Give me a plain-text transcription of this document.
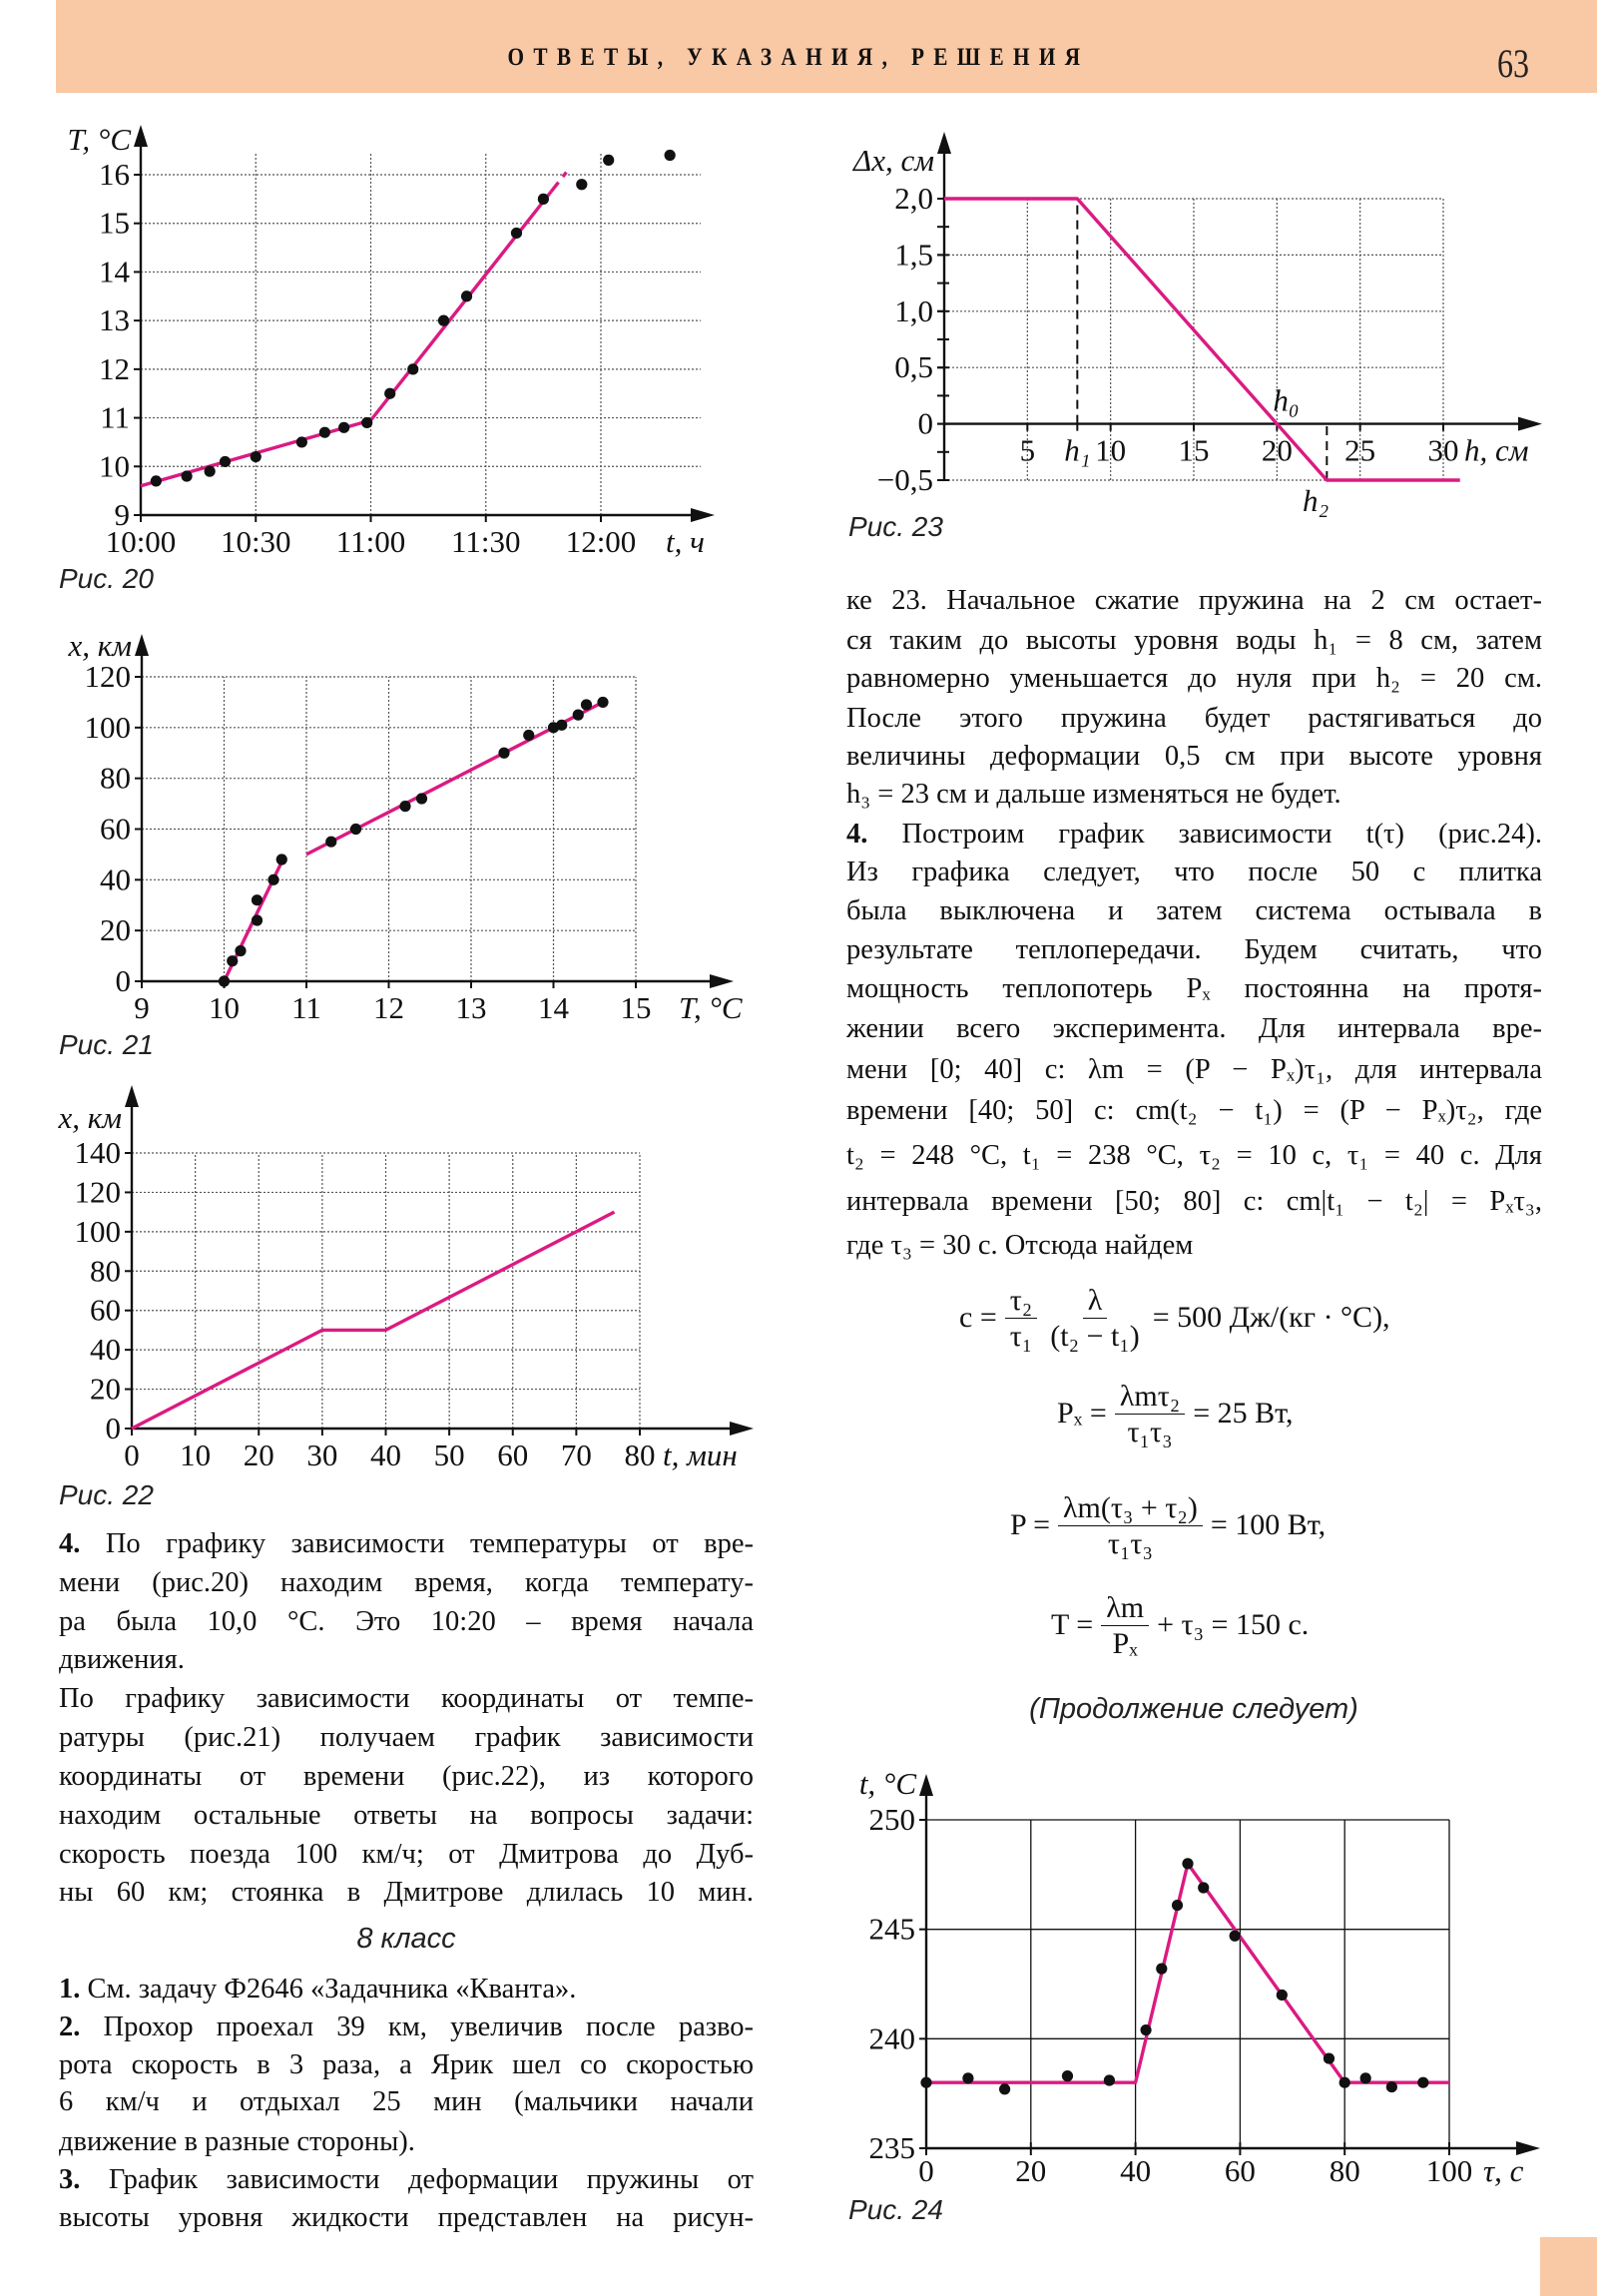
ОТВЕТЫ, УКАЗАНИЯ, РЕШЕНИЯ	63
10:00 10:30 11:00 11:30 12:00
9
10
11
12
13
14
15
16
T, °C
t, ч
9 10 11 12 13 14 15
0
20
40
60
80
100
120
x, км
T, °C
0 10 20 30 40 50 60 70 80
0
20
40
60
80
100
120
140
x, км
t, мин
5 h₁ 10 15 20 25 30
−0,5
0
0,5
1,0
1,5
2,0
Δx, см
h, см
h₀
h₂
0	20 40 60 80 100
235
240
245
250
t, °C
τ, с
Рис. 20
Рис. 21
Рис. 22
Рис. 23
Рис. 24
4. По графику зависимости температуры от вре-
мени (рис.20) находим время, когда температу-
ра была 10,0 °С. Это 10:20 – время начала
движения.
По графику зависимости координаты от темпе-
ратуры (рис.21) получаем график зависимости
координаты от времени (рис.22), из которого
находим остальные ответы на вопросы задачи:
скорость поезда 100 км/ч; от Дмитрова до Дуб-
ны 60 км; стоянка в Дмитрове длилась 10 мин.
8 класс
1. См. задачу Ф2646 «Задачника «Кванта».
2. Прохор проехал 39 км, увеличив после разво-
рота скорость в 3 раза, а Ярик шел со скоростью
6 км/ч и отдыхал 25 мин (мальчики начали
движение в разные стороны).
3. График зависимости деформации пружины от
высоты уровня жидкости представлен на рисун-
ке 23. Начальное сжатие пружина на 2 см остает-
ся таким до высоты уровня воды h₁ = 8 см, затем
равномерно уменьшается до нуля при h₂ = 20 см.
После этого пружина будет растягиваться до
величины деформации 0,5 см при высоте уровня
h₃ = 23 см и дальше изменяться не будет.
4. Построим график зависимости t(τ) (рис.24).
Из графика следует, что после 50 с плитка
была выключена и затем система остывала в
результате теплопередачи. Будем считать, что
мощность теплопотерь Pₓ постоянна на протя-
жении всего эксперимента. Для интервала вре-
мени [0; 40] с: λm = (P − Pₓ)τ₁, для интервала
времени [40; 50] с: cm(t₂ − t₁) = (P − Pₓ)τ₂, где
t₂ = 248 °С, t₁ = 238 °С, τ₂ = 10 с, τ₁ = 40 с. Для
интервала времени [50; 80] с: cm|t₁ − t₂| = Pₓτ₃,
где τ₃ = 30 с. Отсюда найдем
$c = \frac{\text{τ₂}}{\text{τ₁}} \frac{\lambda}{\text{(t₂ − t₁)}} = 500$ Дж/(кг · °С),
$P_x = \frac{\text{λmτ₂}}{\text{τ₁τ₃}} = 25$ Вт,
$P = \frac{\text{λm(τ₃ + τ₂)}}{\text{τ₁τ₃}} = 100$ Вт,
$T = \frac{\lambda m}{\text{Pₓ}} + \tau_3 = 150$ с.
(Продолжение следует)
